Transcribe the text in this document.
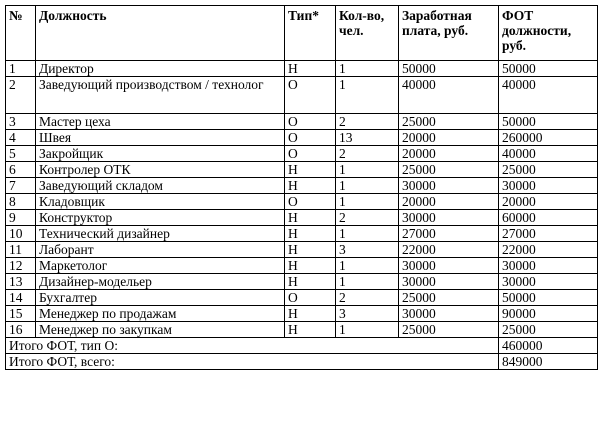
№	Должность	Тип*	Кол-во, чел.	Заработная плата, руб.	ФОТ должности, руб.
1	Директор	Н	1	50000	50000
2	Заведующий производством / технолог	О	1	40000	40000
3	Мастер цеха	О	2	25000	50000
4	Швея	О	13	20000	260000
5	Закройщик	О	2	20000	40000
6	Контролер ОТК	Н	1	25000	25000
7	Заведующий складом	Н	1	30000	30000
8	Кладовщик	О	1	20000	20000
9	Конструктор	Н	2	30000	60000
10	Технический дизайнер	Н	1	27000	27000
11	Лаборант	Н	3	22000	22000
12	Маркетолог	Н	1	30000	30000
13	Дизайнер-модельер	Н	1	30000	30000
14	Бухгалтер	О	2	25000	50000
15	Менеджер по продажам	Н	3	30000	90000
16	Менеджер по закупкам	Н	1	25000	25000
Итого ФОТ, тип О:					460000
Итого ФОТ, всего:					849000
